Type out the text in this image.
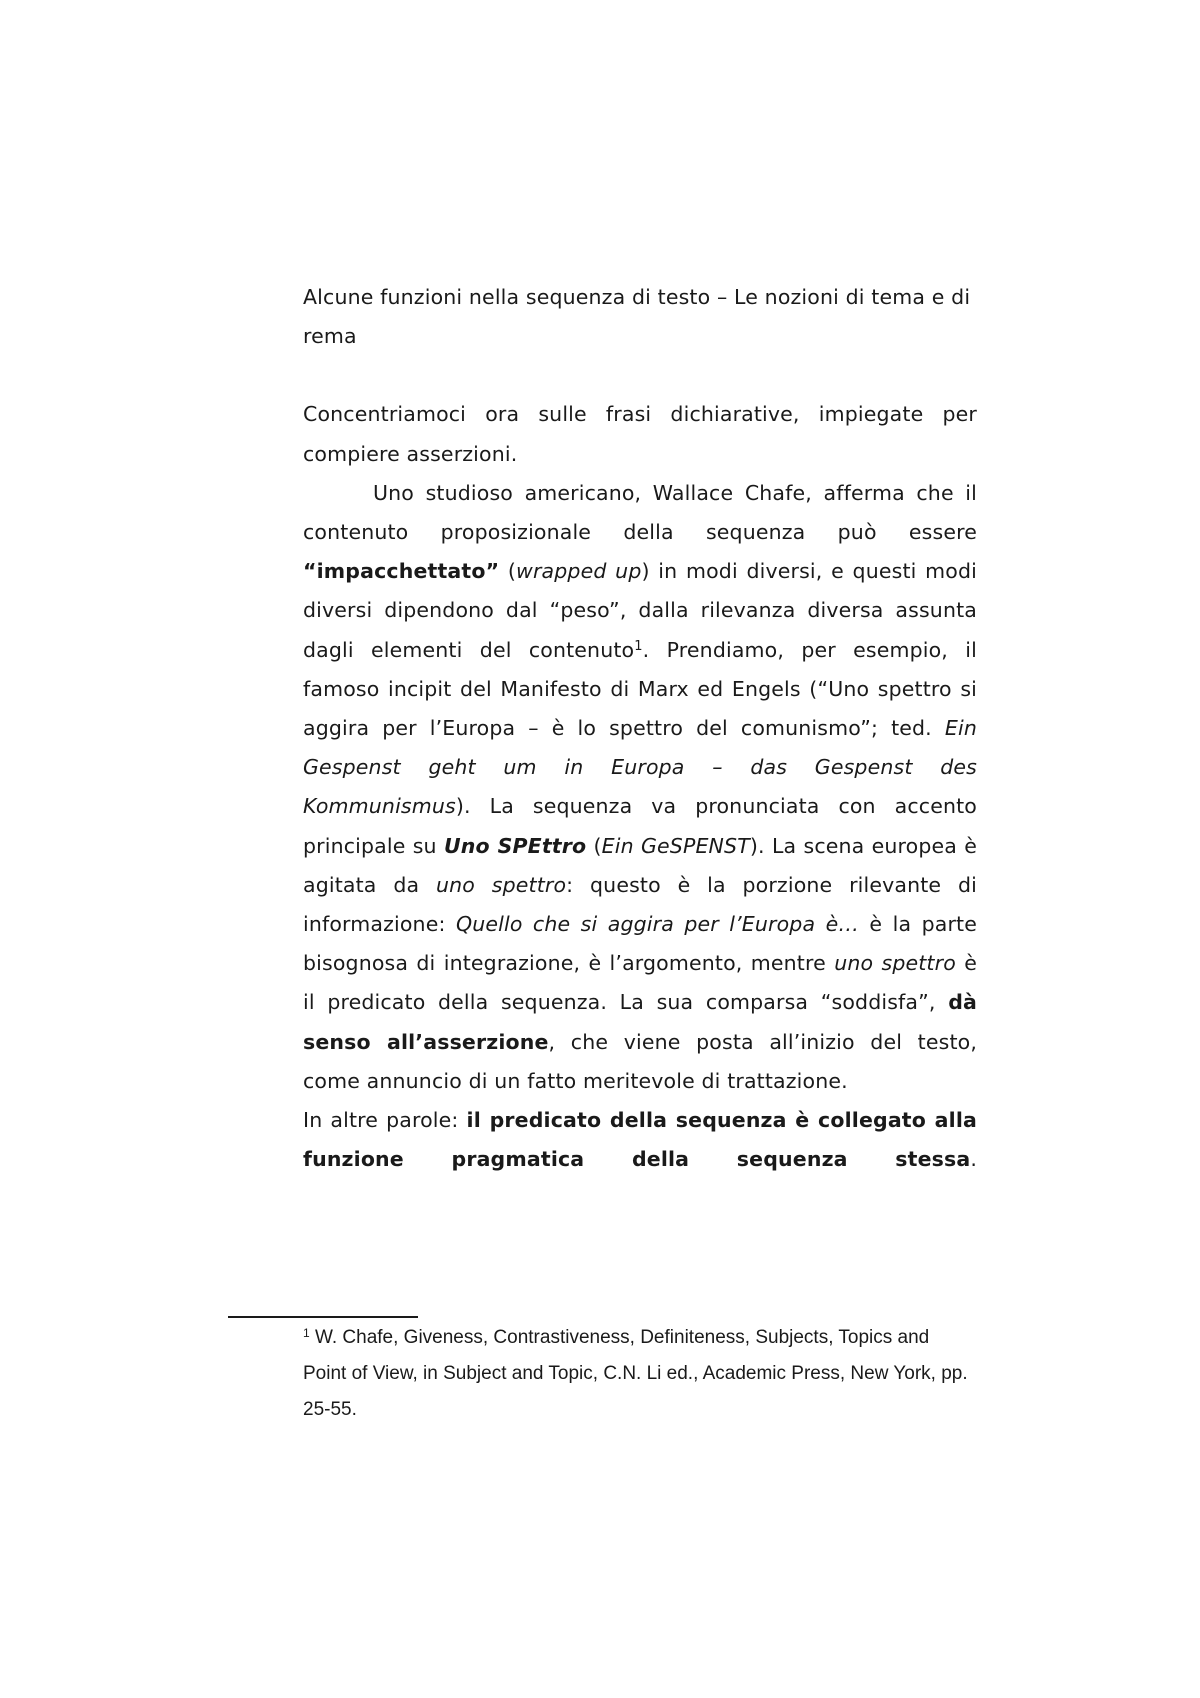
Alcune funzioni nella sequenza di testo – Le nozioni di tema e di rema

Concentriamoci ora sulle frasi dichiarative, impiegate per compiere asserzioni.

Uno studioso americano, Wallace Chafe, afferma che il contenuto proposizionale della sequenza può essere “impacchettato” (wrapped up) in modi diversi, e questi modi diversi dipendono dal “peso”, dalla rilevanza diversa assunta dagli elementi del contenuto$^1$. Prendiamo, per esempio, il famoso incipit del Manifesto di Marx ed Engels (“Uno spettro si aggira per l’Europa – è lo spettro del comunismo”; ted. Ein Gespenst geht um in Europa – das Gespenst des Kommunismus). La sequenza va pronunciata con accento principale su Uno SPEttro (Ein GeSPENST). La scena europea è agitata da uno spettro: questo è la porzione rilevante di informazione: Quello che si aggira per l’Europa è… è la parte bisognosa di integrazione, è l’argomento, mentre uno spettro è il predicato della sequenza. La sua comparsa “soddisfa”, dà senso all’asserzione, che viene posta all’inizio del testo, come annuncio di un fatto meritevole di trattazione.

In altre parole: il predicato della sequenza è collegato alla funzione pragmatica della sequenza stessa.

$^1$ W. Chafe, Giveness, Contrastiveness, Definiteness, Subjects, Topics and Point of View, in Subject and Topic, C.N. Li ed., Academic Press, New York, pp. 25-55.
